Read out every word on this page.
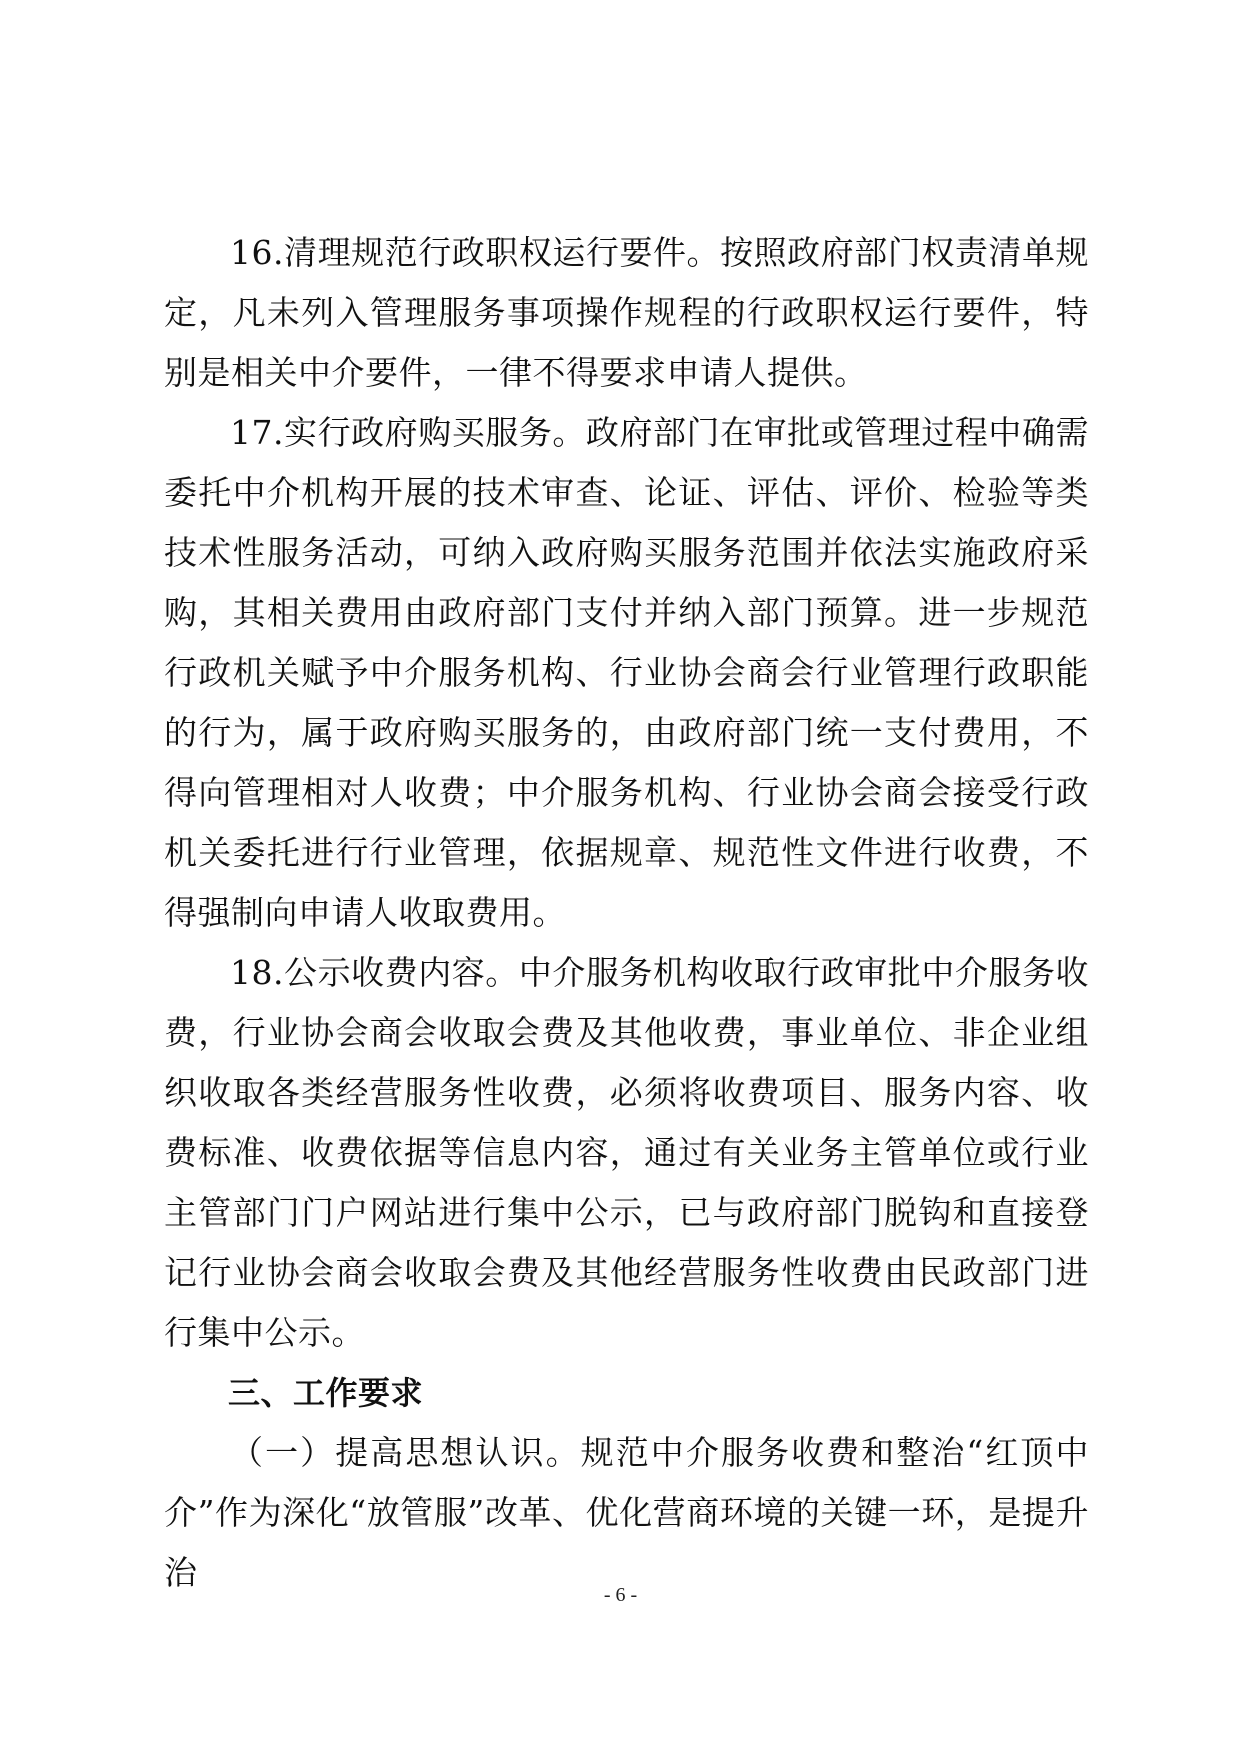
16.清理规范行政职权运行要件。按照政府部门权责清单规定，凡未列入管理服务事项操作规程的行政职权运行要件，特别是相关中介要件，一律不得要求申请人提供。

17.实行政府购买服务。政府部门在审批或管理过程中确需委托中介机构开展的技术审查、论证、评估、评价、检验等类技术性服务活动，可纳入政府购买服务范围并依法实施政府采购，其相关费用由政府部门支付并纳入部门预算。进一步规范行政机关赋予中介服务机构、行业协会商会行业管理行政职能的行为，属于政府购买服务的，由政府部门统一支付费用，不得向管理相对人收费；中介服务机构、行业协会商会接受行政机关委托进行行业管理，依据规章、规范性文件进行收费，不得强制向申请人收取费用。

18.公示收费内容。中介服务机构收取行政审批中介服务收费，行业协会商会收取会费及其他收费，事业单位、非企业组织收取各类经营服务性收费，必须将收费项目、服务内容、收费标准、收费依据等信息内容，通过有关业务主管单位或行业主管部门门户网站进行集中公示，已与政府部门脱钩和直接登记行业协会商会收取会费及其他经营服务性收费由民政部门进行集中公示。

三、工作要求

（一）提高思想认识。规范中介服务收费和整治“红顶中介”作为深化“放管服”改革、优化营商环境的关键一环，是提升治

- 6 -
